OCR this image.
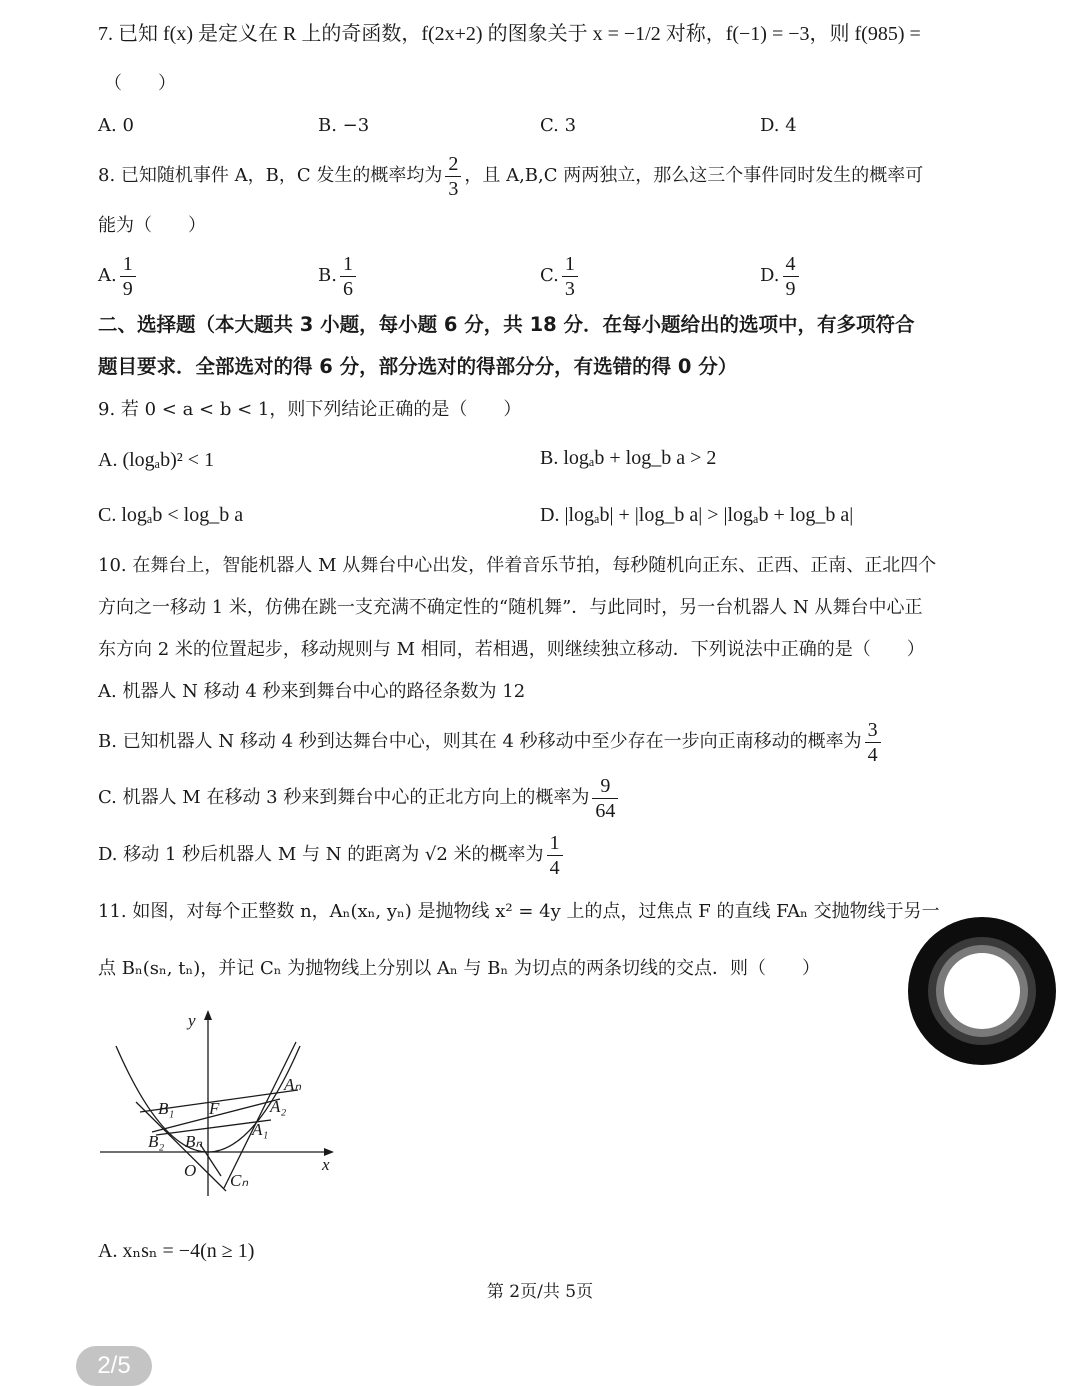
7. 已知 f(x) 是定义在 R 上的奇函数，f(2x+2) 的图象关于 x = −1/2 对称，f(−1) = −3，则 f(985) =
（　　）
A. 0	B. −3	C. 3	D. 4
8. 已知随机事件 A，B，C 发生的概率均为 $\frac{2}{3}$ ，且 A,B,C 两两独立，那么这三个事件同时发生的概率可
能为（　　）
A. $\frac{1}{9}$	B. $\frac{1}{6}$	C. $\frac{1}{3}$	D. $\frac{4}{9}$
二、选择题（本大题共 3 小题，每小题 6 分，共 18 分．在每小题给出的选项中，有多项符合
题目要求．全部选对的得 6 分，部分选对的得部分分，有选错的得 0 分）
9. 若 0 < a < b < 1，则下列结论正确的是（　　）
A. (logₐb)² < 1	B. logₐb + log_b a > 2
C. logₐb < log_b a	D. |logₐb| + |log_b a| > |logₐb + log_b a|
10. 在舞台上，智能机器人 M 从舞台中心出发，伴着音乐节拍，每秒随机向正东、正西、正南、正北四个
方向之一移动 1 米，仿佛在跳一支充满不确定性的“随机舞”．与此同时，另一台机器人 N 从舞台中心正
东方向 2 米的位置起步，移动规则与 M 相同，若相遇，则继续独立移动．下列说法中正确的是（　　）
A. 机器人 N 移动 4 秒来到舞台中心的路径条数为 12
B. 已知机器人 N 移动 4 秒到达舞台中心，则其在 4 秒移动中至少存在一步向正南移动的概率为 $\frac{3}{4}$
C. 机器人 M 在移动 3 秒来到舞台中心的正北方向上的概率为 $\frac{9}{64}$
D. 移动 1 秒后机器人 M 与 N 的距离为 √2 米的概率为 $\frac{1}{4}$
11. 如图，对每个正整数 n，Aₙ(xₙ, yₙ) 是抛物线 x² = 4y 上的点，过焦点 F 的直线 FAₙ 交抛物线于另一
点 Bₙ(sₙ, tₙ)，并记 Cₙ 为抛物线上分别以 Aₙ 与 Bₙ 为切点的两条切线的交点．则（　　）
y
x
O
F
Aₙ
A₂
A₁
B₁
B₂ Bₙ
Cₙ
A. xₙsₙ = −4(n ≥ 1)
第 2页/共 5页
2/5
